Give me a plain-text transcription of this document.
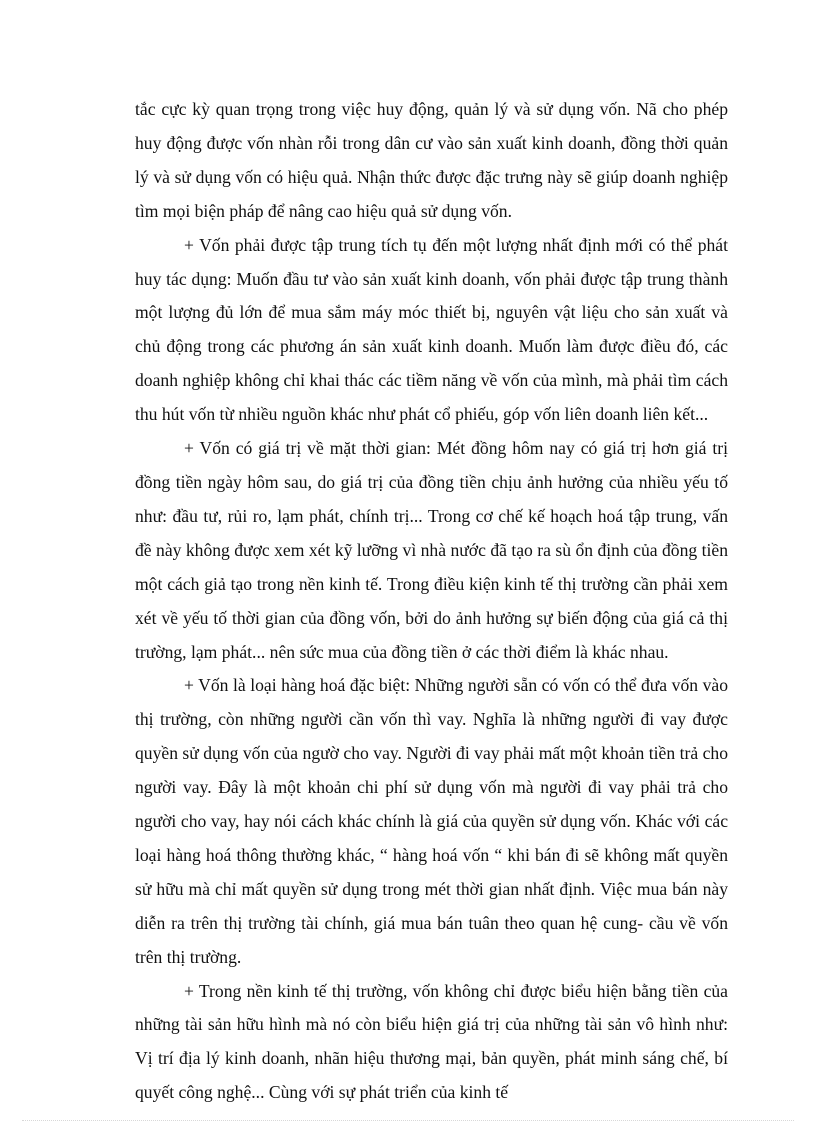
tắc cực kỳ quan trọng trong việc huy động, quản lý và sử dụng vốn. Nã cho phép huy động được vốn nhàn rỗi trong dân cư vào sản xuất kinh doanh, đồng thời quản lý và sử dụng vốn có hiệu quả. Nhận thức được đặc trưng này sẽ giúp doanh nghiệp tìm mọi biện pháp để nâng cao hiệu quả sử dụng vốn.

+ Vốn phải được tập trung tích tụ đến một lượng nhất định mới có thể phát huy tác dụng: Muốn đầu tư vào sản xuất kinh doanh, vốn phải được tập trung thành một lượng đủ lớn để mua sắm máy móc thiết bị, nguyên vật liệu cho sản xuất và chủ động trong các phương án sản xuất kinh doanh. Muốn làm được điều đó, các doanh nghiệp không chỉ khai thác các tiềm năng về vốn của mình, mà phải tìm cách thu hút vốn từ nhiều nguồn khác như phát cổ phiếu, góp vốn liên doanh liên kết...

+ Vốn có giá trị về mặt thời gian: Mét đồng hôm nay có giá trị hơn giá trị đồng tiền ngày hôm sau, do giá trị của đồng tiền chịu ảnh hưởng của nhiều yếu tố như: đầu tư, rủi ro, lạm phát, chính trị... Trong cơ chế kế hoạch hoá tập trung, vấn đề này không được xem xét kỹ lưỡng vì nhà nước đã tạo ra sù ổn định của đồng tiền một cách giả tạo trong nền kinh tế. Trong điều kiện kinh tế thị trường cần phải xem xét về yếu tố thời gian của đồng vốn, bởi do ảnh hưởng sự biến động của giá cả thị trường, lạm phát... nên sức mua của đồng tiền ở các thời điểm là khác nhau.

+ Vốn là loại hàng hoá đặc biệt: Những người sẵn có vốn có thể đưa vốn vào thị trường, còn những người cần vốn thì vay. Nghĩa là những người đi vay được quyền sử dụng vốn của ngườ cho vay. Người đi vay phải mất một khoản tiền trả cho người vay. Đây là một khoản chi phí sử dụng vốn mà người đi vay phải trả cho người cho vay, hay nói cách khác chính là giá của quyền sử dụng vốn. Khác với các loại hàng hoá thông thường khác, “ hàng hoá vốn “ khi bán đi sẽ không mất quyền sử hữu mà chỉ mất quyền sử dụng trong mét thời gian nhất định. Việc mua bán này diễn ra trên thị trường tài chính, giá mua bán tuân theo quan hệ cung- cầu về vốn trên thị trường.

+ Trong nền kinh tế thị trường, vốn không chỉ được biểu hiện bằng tiền của những tài sản hữu hình mà nó còn biểu hiện giá trị của những tài sản vô hình như: Vị trí địa lý kinh doanh, nhãn hiệu thương mại, bản quyền, phát minh sáng chế, bí quyết công nghệ... Cùng với sự phát triển của kinh tế
